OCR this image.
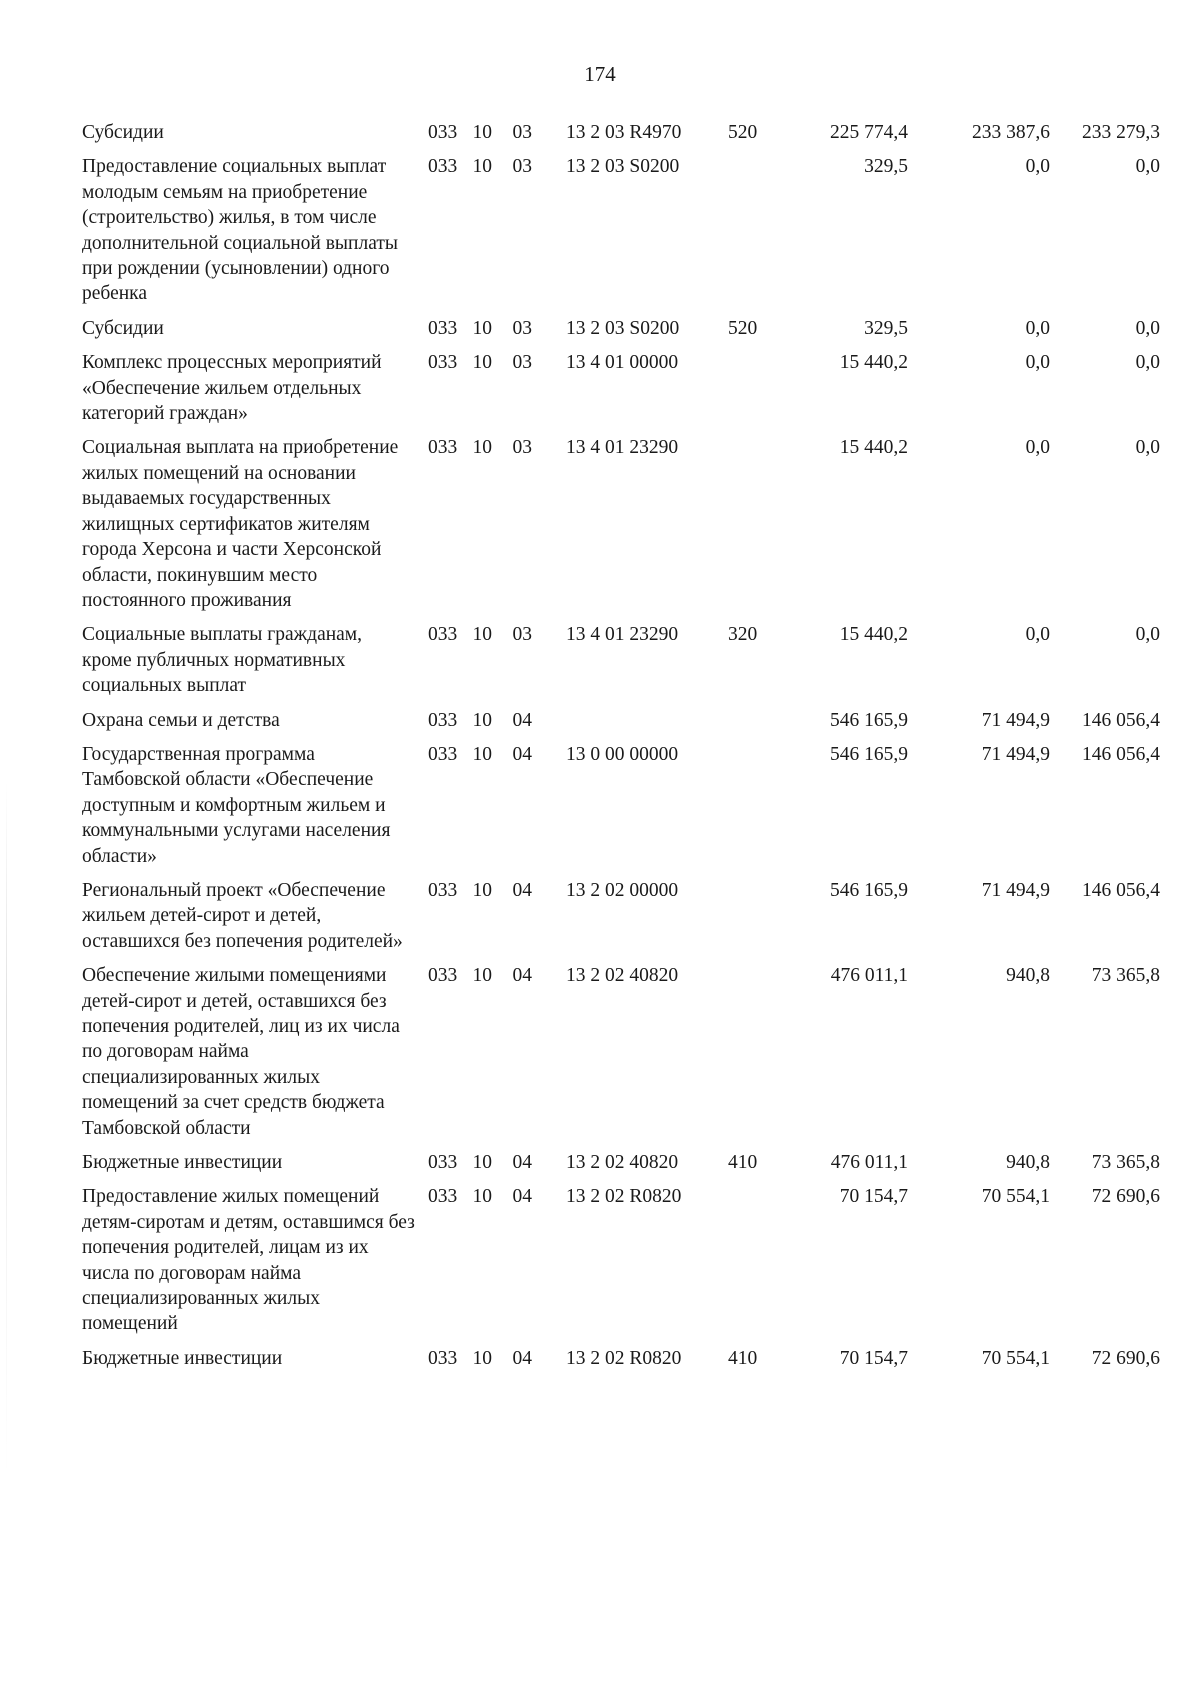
174
Субсидии	033	10	03	13 2 03 R4970	520	225 774,4	233 387,6	233 279,3
Предоставление социальных выплат молодым семьям на приобретение (строительство) жилья, в том числе дополнительной социальной выплаты при рождении (усыновлении) одного ребенка	033	10	03	13 2 03 S0200		329,5	0,0	0,0
Субсидии	033	10	03	13 2 03 S0200	520	329,5	0,0	0,0
Комплекс процессных мероприятий «Обеспечение жильем отдельных категорий граждан»	033	10	03	13 4 01 00000		15 440,2	0,0	0,0
Социальная выплата на приобретение жилых помещений на основании выдаваемых государственных жилищных сертификатов жителям города Херсона и части Херсонской области, покинувшим место постоянного проживания	033	10	03	13 4 01 23290		15 440,2	0,0	0,0
Социальные выплаты гражданам, кроме публичных нормативных социальных выплат	033	10	03	13 4 01 23290	320	15 440,2	0,0	0,0
Охрана семьи и детства	033	10	04			546 165,9	71 494,9	146 056,4
Государственная программа Тамбовской области «Обеспечение доступным и комфортным жильем и коммунальными услугами населения области»	033	10	04	13 0 00 00000		546 165,9	71 494,9	146 056,4
Региональный проект «Обеспечение жильем детей-сирот и детей, оставшихся без попечения родителей»	033	10	04	13 2 02 00000		546 165,9	71 494,9	146 056,4
Обеспечение жилыми помещениями детей-сирот и детей, оставшихся без попечения родителей, лиц из их числа по договорам найма специализированных жилых помещений за счет средств бюджета Тамбовской области	033	10	04	13 2 02 40820		476 011,1	940,8	73 365,8
Бюджетные инвестиции	033	10	04	13 2 02 40820	410	476 011,1	940,8	73 365,8
Предоставление жилых помещений детям-сиротам и детям, оставшимся без попечения родителей, лицам из их числа по договорам найма специализированных жилых помещений	033	10	04	13 2 02 R0820		70 154,7	70 554,1	72 690,6
Бюджетные инвестиции	033	10	04	13 2 02 R0820	410	70 154,7	70 554,1	72 690,6
